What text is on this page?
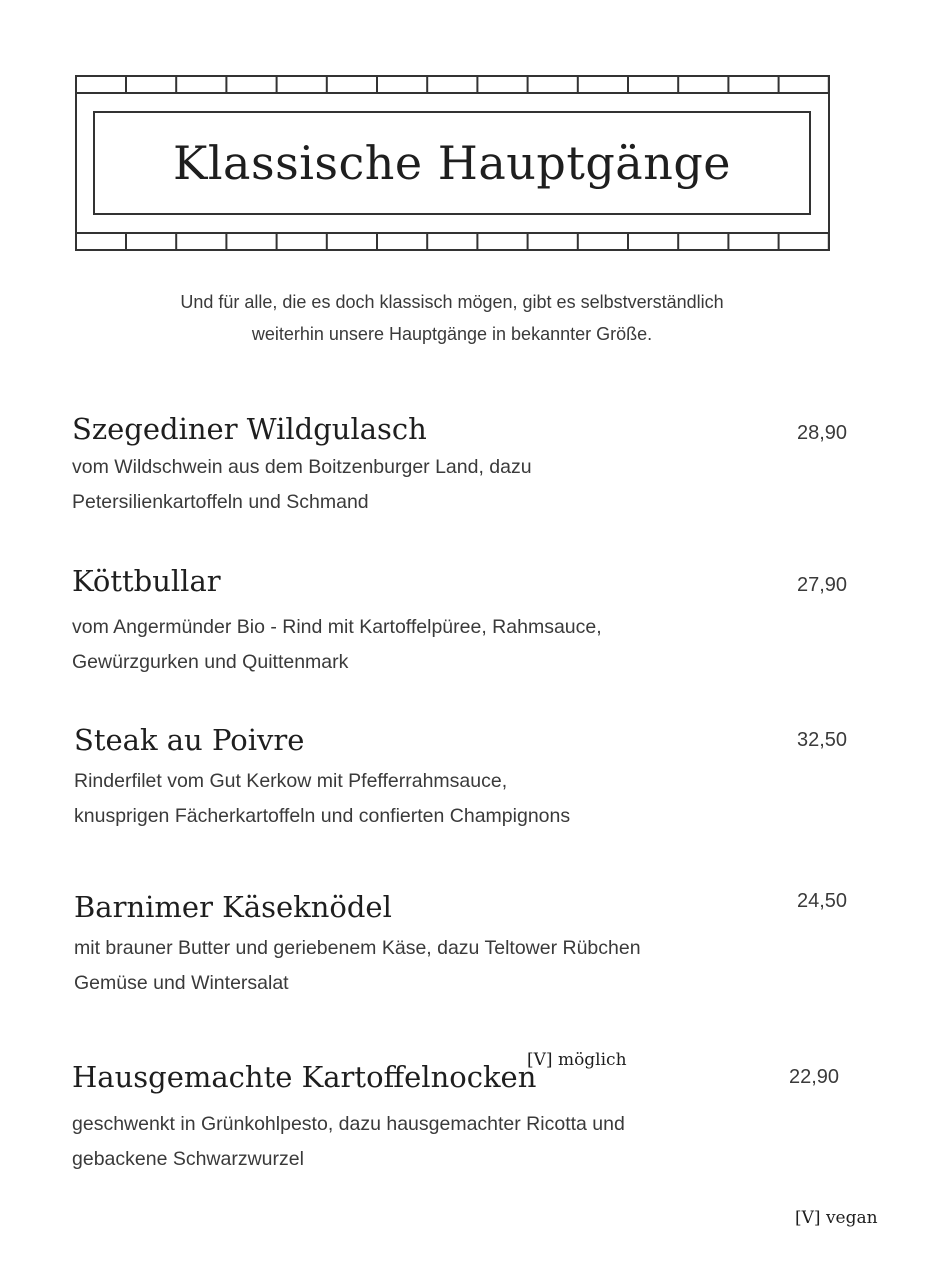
Klassische Hauptgänge
Und für alle, die es doch klassisch mögen, gibt es selbstverständlich
weiterhin unsere Hauptgänge in bekannter Größe.
Szegediner Wildgulasch	28,90
vom Wildschwein aus dem Boitzenburger Land, dazu
Petersilienkartoffeln und Schmand
Köttbullar	27,90
vom Angermünder Bio - Rind mit Kartoffelpüree, Rahmsauce,
Gewürzgurken und Quittenmark
Steak au Poivre	32,50
Rinderfilet vom Gut Kerkow mit Pfefferrahmsauce,
knusprigen Fächerkartoffeln und confierten Champignons
Barnimer Käseknödel	24,50
mit brauner Butter und geriebenem Käse, dazu Teltower Rübchen
Gemüse und Wintersalat
Hausgemachte Kartoffelnocken
[V] möglich
22,90
geschwenkt in Grünkohlpesto, dazu hausgemachter Ricotta und
gebackene Schwarzwurzel
[V] vegan
